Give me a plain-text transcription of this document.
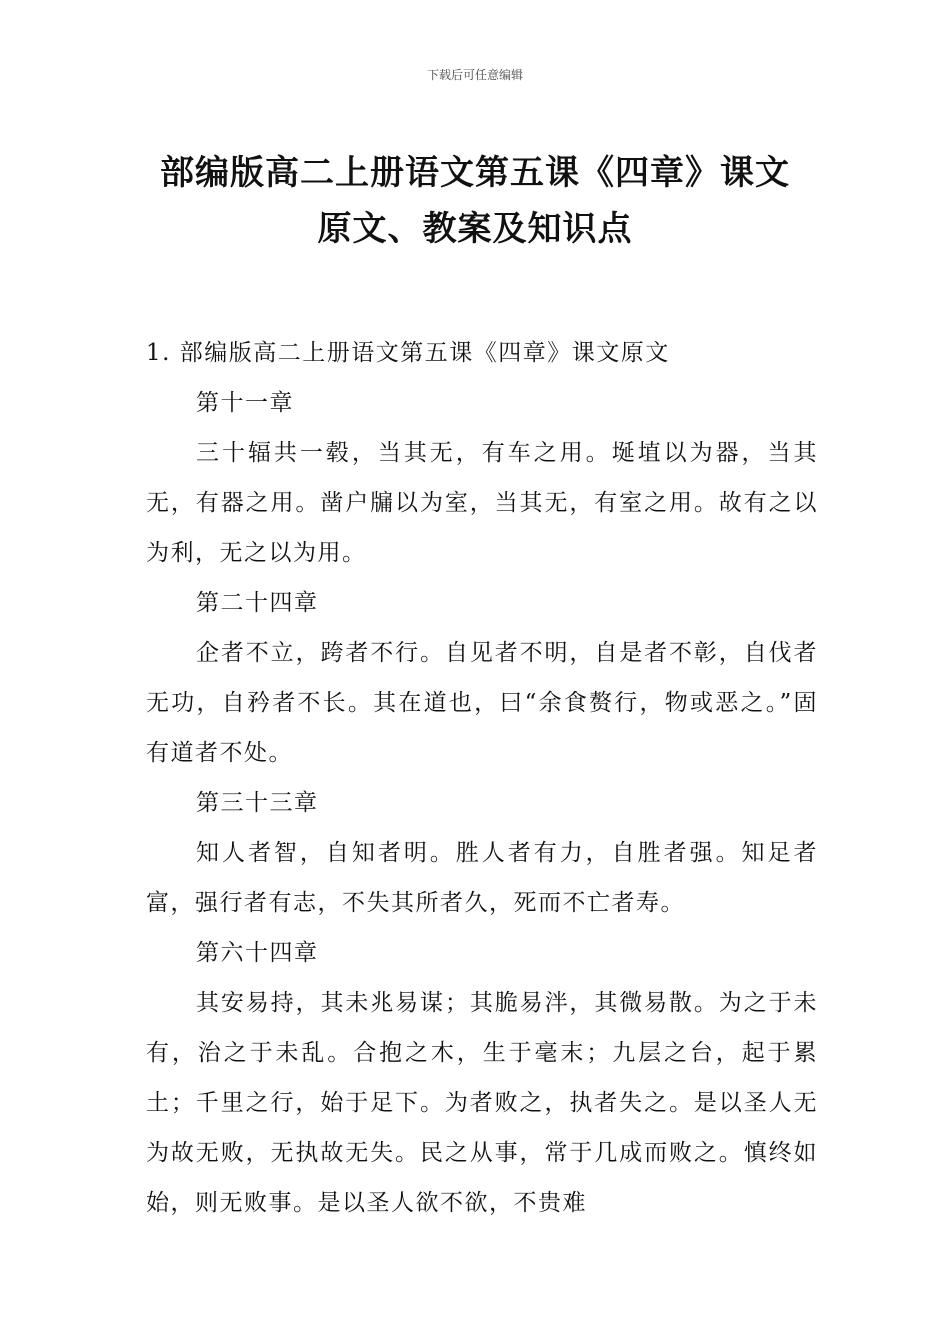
下载后可任意编辑
部编版高二上册语文第五课《四章》课文
原文、教案及知识点

1. 部编版高二上册语文第五课《四章》课文原文

第十一章

三十辐共一毂，当其无，有车之用。埏埴以为器，当其无，有器之用。凿户牖以为室，当其无，有室之用。故有之以为利，无之以为用。

第二十四章

企者不立，跨者不行。自见者不明，自是者不彰，自伐者无功，自矜者不长。其在道也，曰“余食赘行，物或恶之。”固有道者不处。

第三十三章

知人者智，自知者明。胜人者有力，自胜者强。知足者富，强行者有志，不失其所者久，死而不亡者寿。

第六十四章

其安易持，其未兆易谋；其脆易泮，其微易散。为之于未有，治之于未乱。合抱之木，生于毫末；九层之台，起于累土；千里之行，始于足下。为者败之，执者失之。是以圣人无为故无败，无执故无失。民之从事，常于几成而败之。慎终如始，则无败事。是以圣人欲不欲，不贵难
